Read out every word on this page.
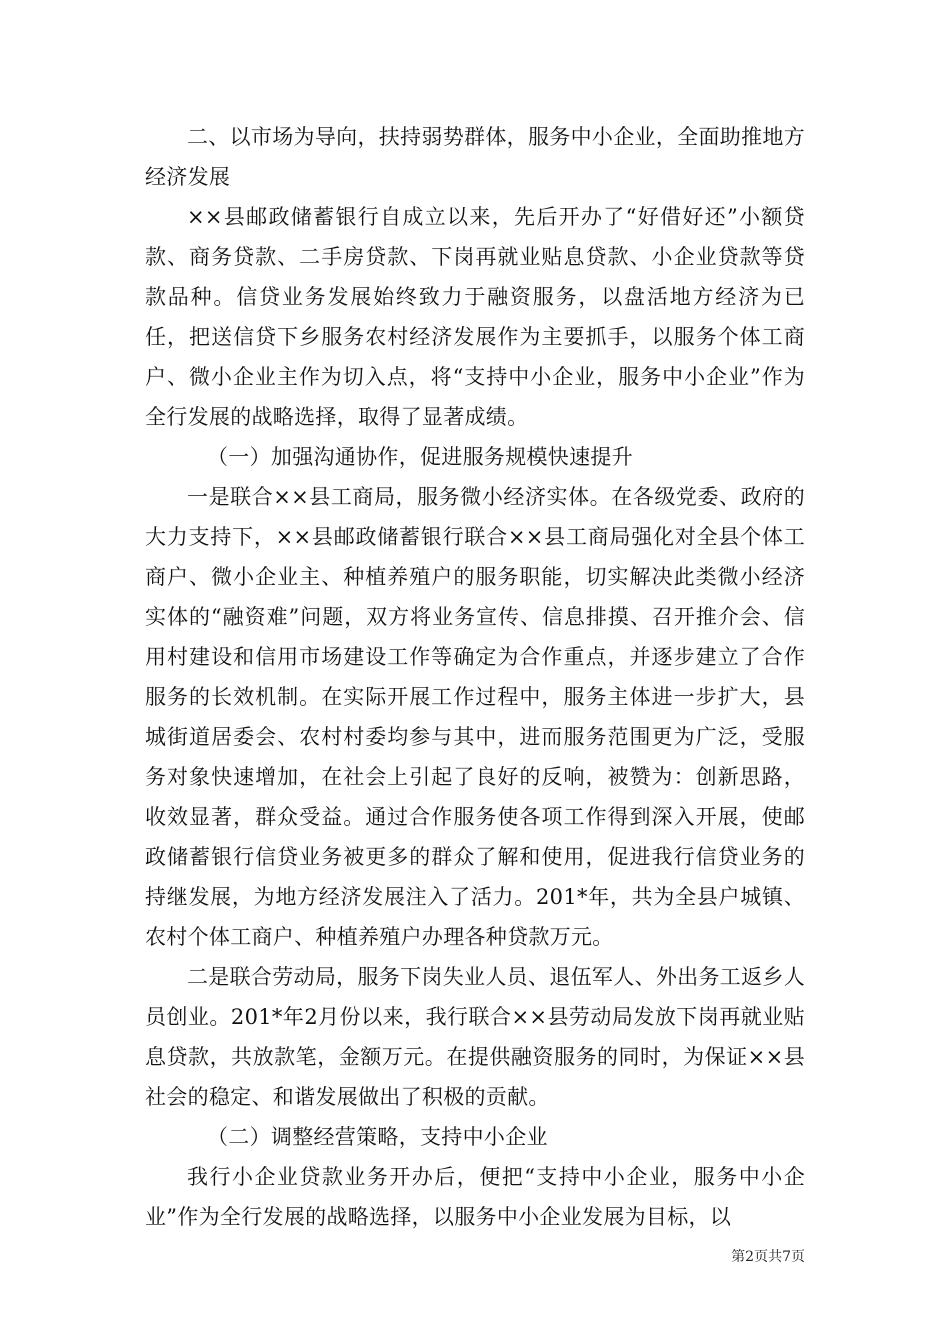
二、以市场为导向，扶持弱势群体，服务中小企业，全面助推地方经济发展

××县邮政储蓄银行自成立以来，先后开办了“好借好还”小额贷款、商务贷款、二手房贷款、下岗再就业贴息贷款、小企业贷款等贷款品种。信贷业务发展始终致力于融资服务，以盘活地方经济为已任，把送信贷下乡服务农村经济发展作为主要抓手，以服务个体工商户、微小企业主作为切入点，将“支持中小企业，服务中小企业”作为全行发展的战略选择，取得了显著成绩。

（一）加强沟通协作，促进服务规模快速提升

一是联合××县工商局，服务微小经济实体。在各级党委、政府的大力支持下，××县邮政储蓄银行联合××县工商局强化对全县个体工商户、微小企业主、种植养殖户的服务职能，切实解决此类微小经济实体的“融资难”问题，双方将业务宣传、信息排摸、召开推介会、信用村建设和信用市场建设工作等确定为合作重点，并逐步建立了合作服务的长效机制。在实际开展工作过程中，服务主体进一步扩大，县城街道居委会、农村村委均参与其中，进而服务范围更为广泛，受服务对象快速增加，在社会上引起了良好的反响，被赞为：创新思路，收效显著，群众受益。通过合作服务使各项工作得到深入开展，使邮政储蓄银行信贷业务被更多的群众了解和使用，促进我行信贷业务的持继发展，为地方经济发展注入了活力。201*年，共为全县户城镇、农村个体工商户、种植养殖户办理各种贷款万元。

二是联合劳动局，服务下岗失业人员、退伍军人、外出务工返乡人员创业。201*年2月份以来，我行联合××县劳动局发放下岗再就业贴息贷款，共放款笔，金额万元。在提供融资服务的同时，为保证××县社会的稳定、和谐发展做出了积极的贡献。

（二）调整经营策略，支持中小企业

我行小企业贷款业务开办后，便把“支持中小企业，服务中小企业”作为全行发展的战略选择，以服务中小企业发展为目标，以

第2页共7页
